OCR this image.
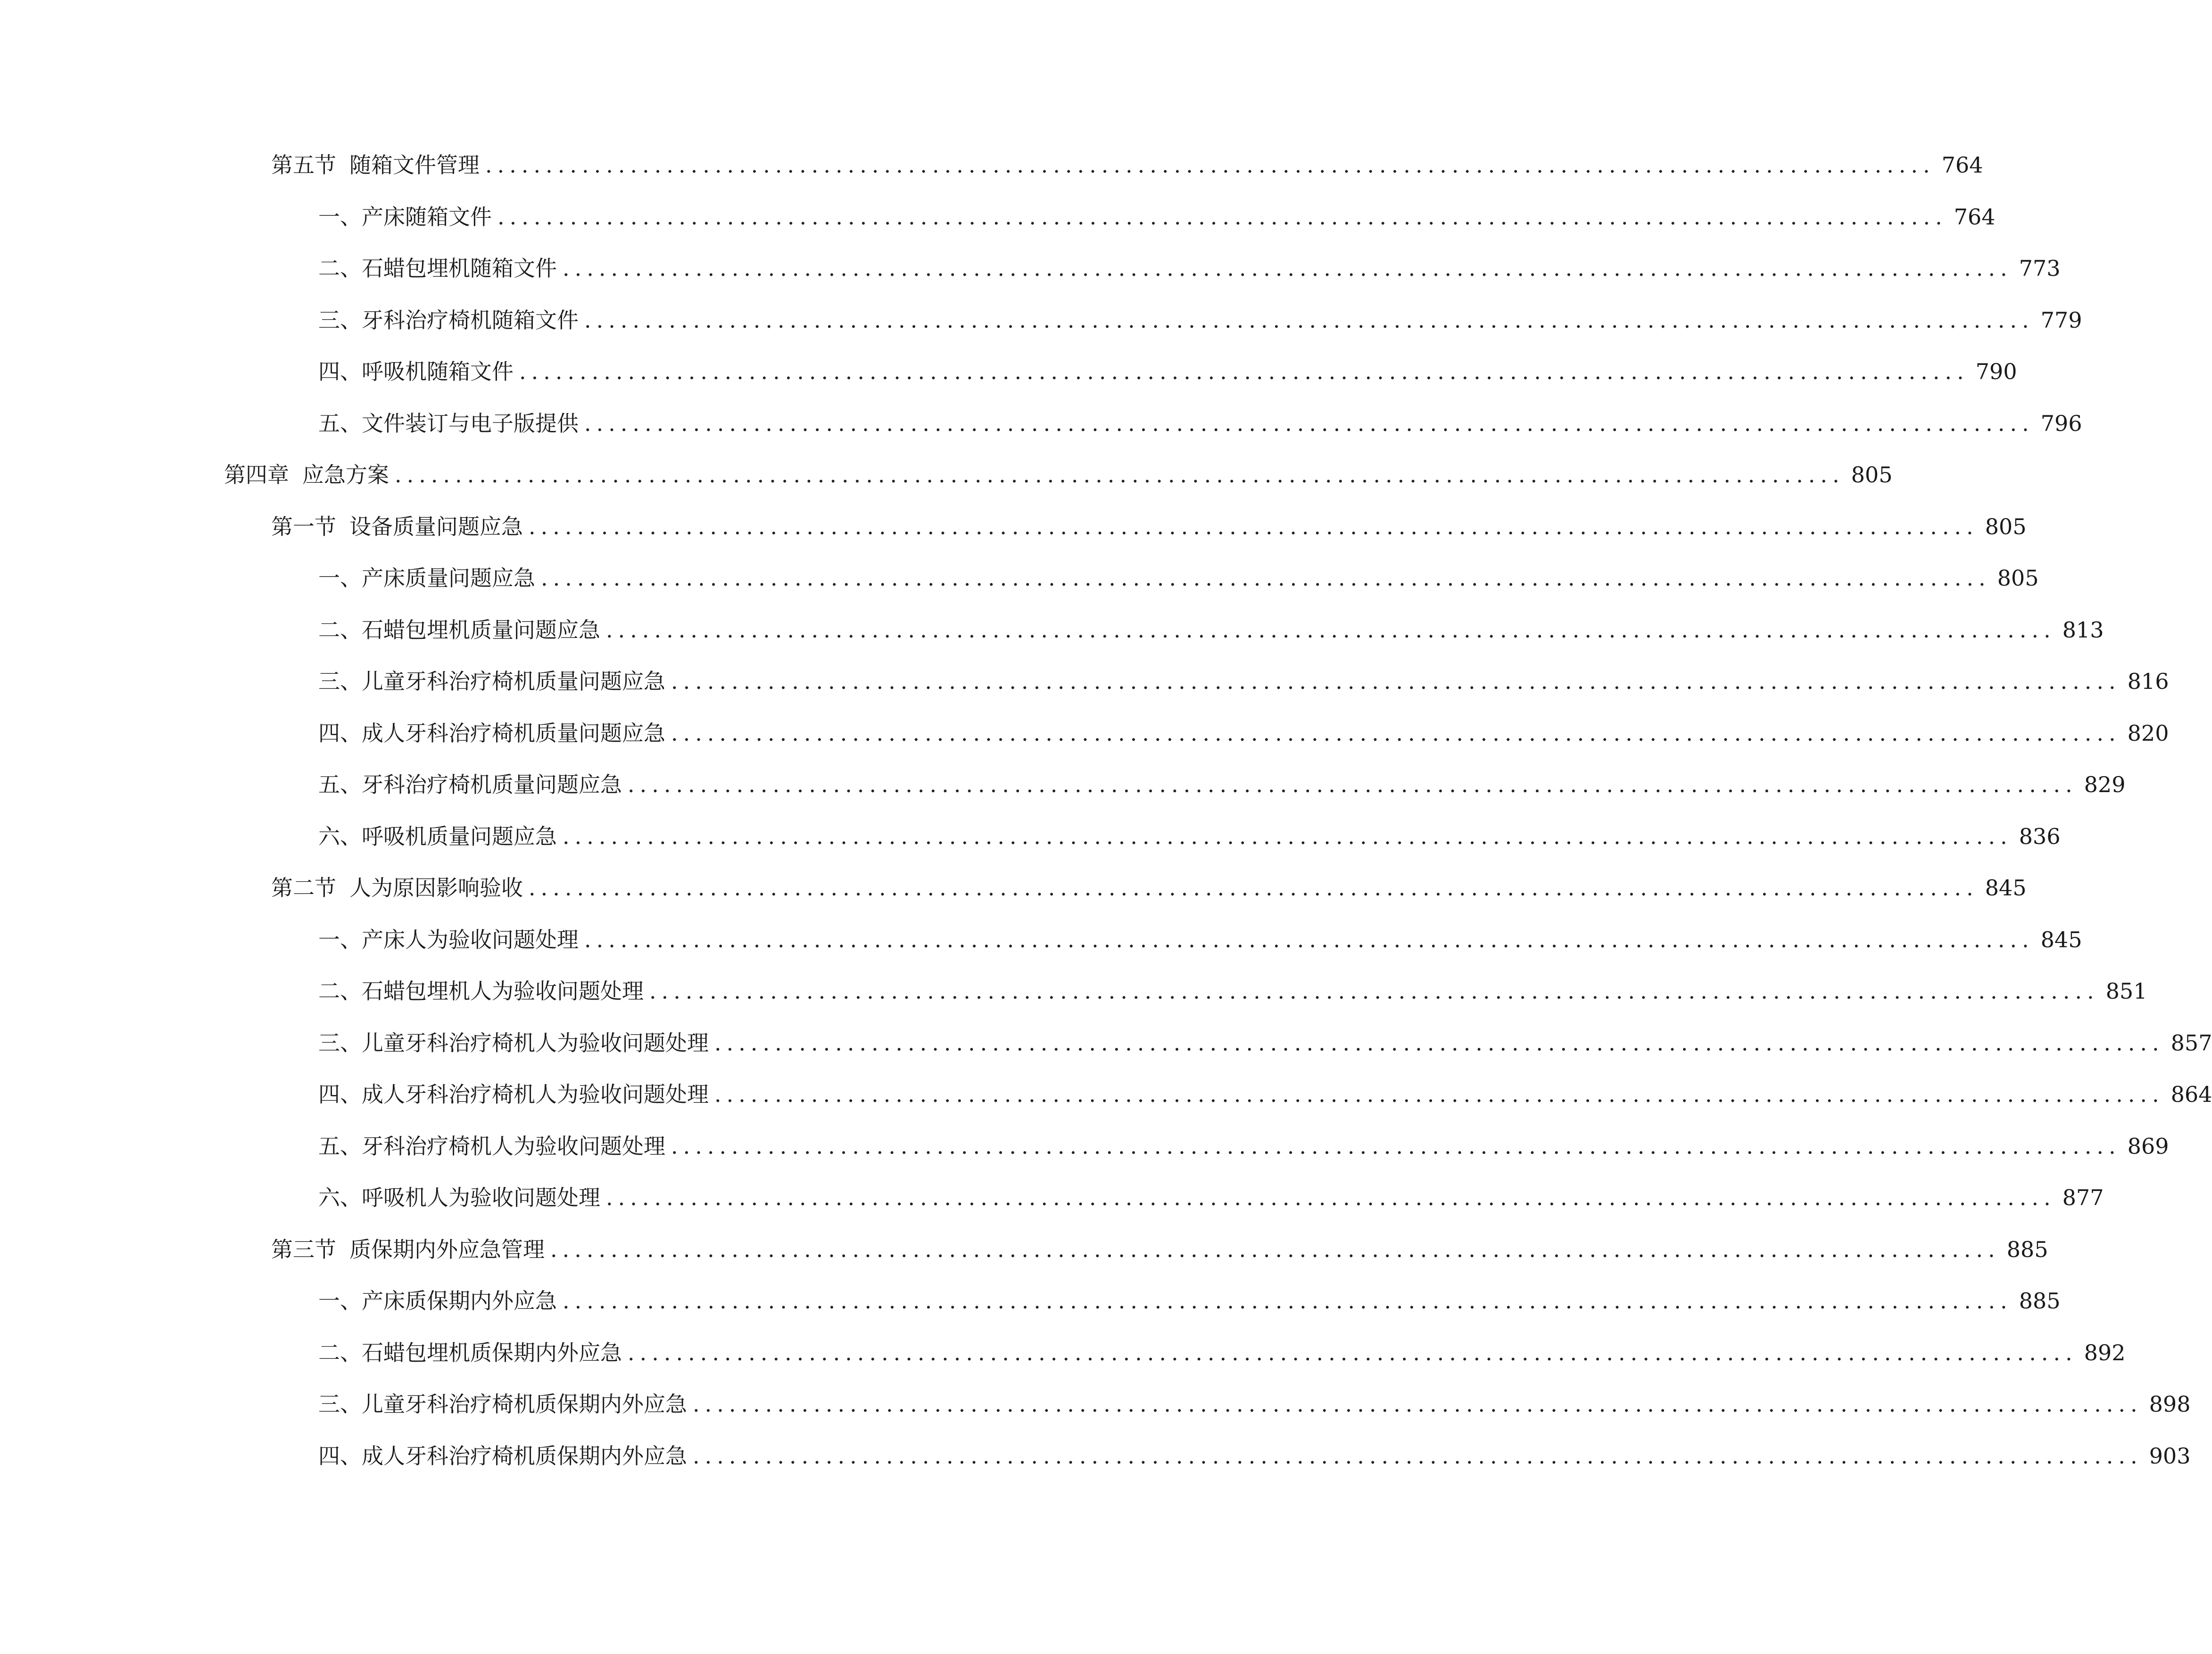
第五节 随箱文件管理 ........................................................................................................................ 764
一、 产床随箱文件 ........................................................................................................................ 764
二、 石蜡包埋机随箱文件 ........................................................................................................................ 773
三、 牙科治疗椅机随箱文件 ........................................................................................................................ 779
四、 呼吸机随箱文件 ........................................................................................................................ 790
五、 文件装订与电子版提供 ........................................................................................................................ 796
第四章 应急方案 ........................................................................................................................ 805
第一节 设备质量问题应急 ........................................................................................................................ 805
一、 产床质量问题应急 ........................................................................................................................ 805
二、 石蜡包埋机质量问题应急 ........................................................................................................................ 813
三、 儿童牙科治疗椅机质量问题应急 ........................................................................................................................ 816
四、 成人牙科治疗椅机质量问题应急 ........................................................................................................................ 820
五、 牙科治疗椅机质量问题应急 ........................................................................................................................ 829
六、 呼吸机质量问题应急 ........................................................................................................................ 836
第二节 人为原因影响验收 ........................................................................................................................ 845
一、 产床人为验收问题处理 ........................................................................................................................ 845
二、 石蜡包埋机人为验收问题处理 ........................................................................................................................ 851
三、 儿童牙科治疗椅机人为验收问题处理 ........................................................................................................................ 857
四、 成人牙科治疗椅机人为验收问题处理 ........................................................................................................................ 864
五、 牙科治疗椅机人为验收问题处理 ........................................................................................................................ 869
六、 呼吸机人为验收问题处理 ........................................................................................................................ 877
第三节 质保期内外应急管理 ........................................................................................................................ 885
一、 产床质保期内外应急 ........................................................................................................................ 885
二、 石蜡包埋机质保期内外应急 ........................................................................................................................ 892
三、 儿童牙科治疗椅机质保期内外应急 ........................................................................................................................ 898
四、 成人牙科治疗椅机质保期内外应急 ........................................................................................................................ 903
